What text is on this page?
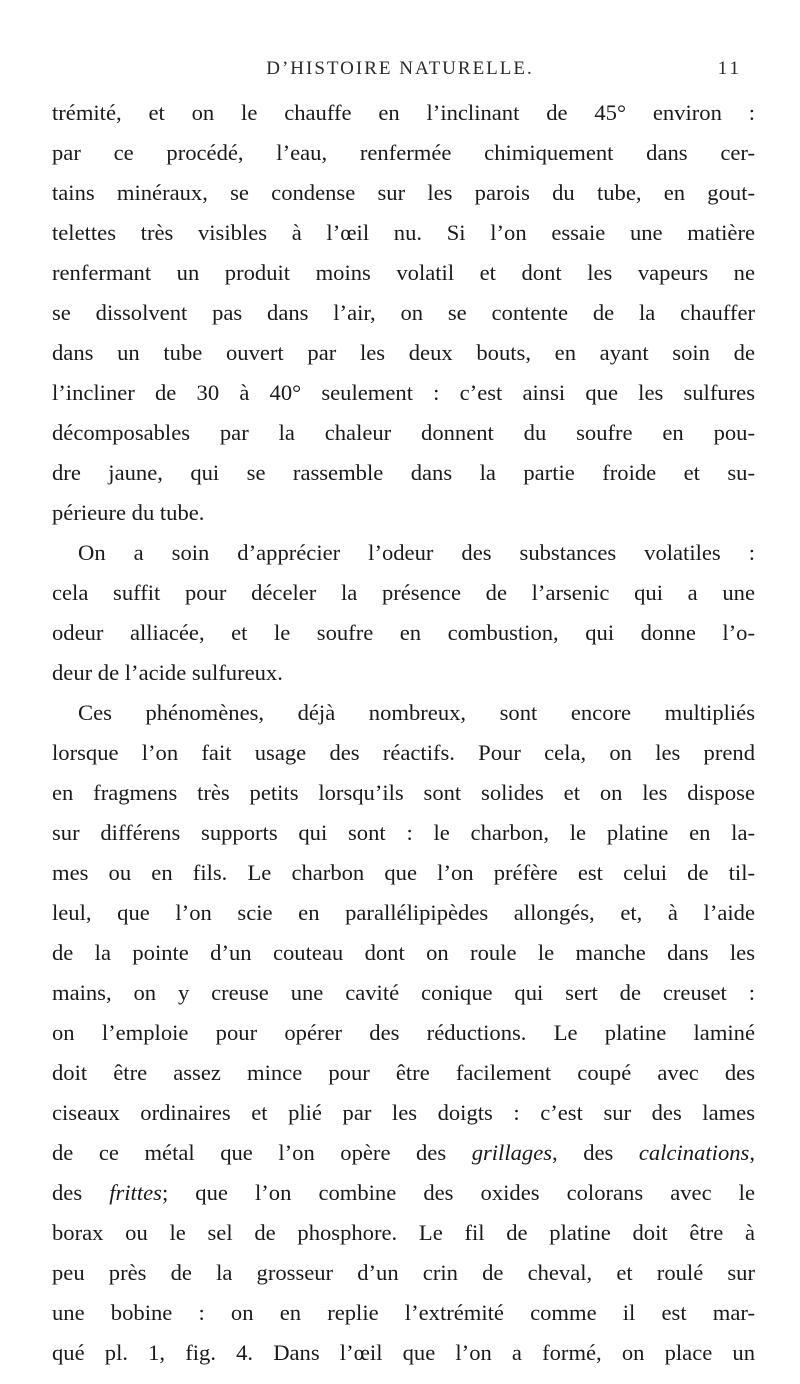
D’HISTOIRE NATURELLE.	11
trémité, et on le chauffe en l’inclinant de 45° environ :
par ce procédé, l’eau, renfermée chimiquement dans cer-
tains minéraux, se condense sur les parois du tube, en gout-
telettes très visibles à l’œil nu. Si l’on essaie une matière
renfermant un produit moins volatil et dont les vapeurs ne
se dissolvent pas dans l’air, on se contente de la chauffer
dans un tube ouvert par les deux bouts, en ayant soin de
l’incliner de 30 à 40° seulement : c’est ainsi que les sulfures
décomposables par la chaleur donnent du soufre en pou-
dre jaune, qui se rassemble dans la partie froide et su-
périeure du tube.
On a soin d’apprécier l’odeur des substances volatiles :
cela suffit pour déceler la présence de l’arsenic qui a une
odeur alliacée, et le soufre en combustion, qui donne l’o-
deur de l’acide sulfureux.
Ces phénomènes, déjà nombreux, sont encore multipliés
lorsque l’on fait usage des réactifs. Pour cela, on les prend
en fragmens très petits lorsqu’ils sont solides et on les dispose
sur différens supports qui sont : le charbon, le platine en la-
mes ou en fils. Le charbon que l’on préfère est celui de til-
leul, que l’on scie en parallélipipèdes allongés, et, à l’aide
de la pointe d’un couteau dont on roule le manche dans les
mains, on y creuse une cavité conique qui sert de creuset :
on l’emploie pour opérer des réductions. Le platine laminé
doit être assez mince pour être facilement coupé avec des
ciseaux ordinaires et plié par les doigts : c’est sur des lames
de ce métal que l’on opère des grillages, des calcinations,
des frittes; que l’on combine des oxides colorans avec le
borax ou le sel de phosphore. Le fil de platine doit être à
peu près de la grosseur d’un crin de cheval, et roulé sur
une bobine : on en replie l’extrémité comme il est mar-
qué pl. 1, fig. 4. Dans l’œil que l’on a formé, on place un
